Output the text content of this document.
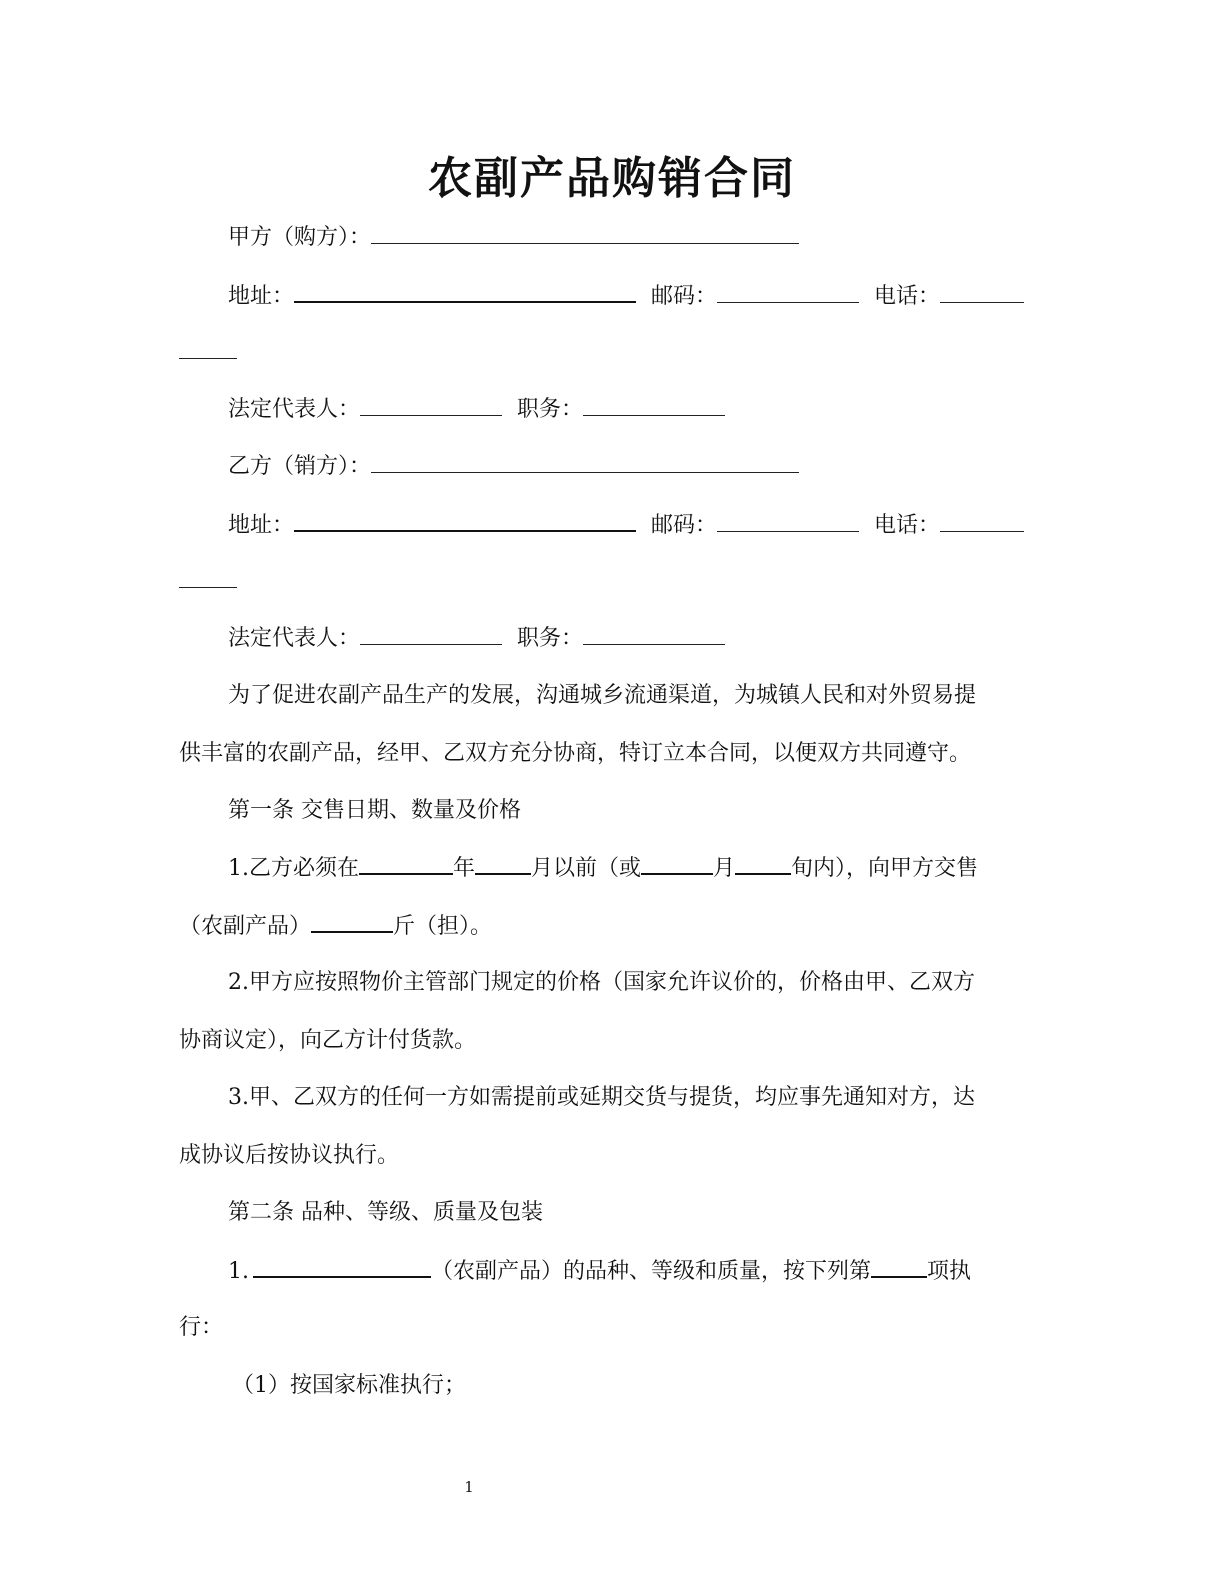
农副产品购销合同
甲方（购方）：
地址：	邮码：	电话：
法定代表人：	职务：
乙方（销方）：
地址：	邮码：	电话：
法定代表人：	职务：
为了促进农副产品生产的发展，沟通城乡流通渠道，为城镇人民和对外贸易提
供丰富的农副产品，经甲、乙双方充分协商，特订立本合同，以便双方共同遵守。
第一条 交售日期、数量及价格
1.乙方必须在	年	月以前（或	月	旬内），向甲方交售
（农副产品）	斤（担）。
2.甲方应按照物价主管部门规定的价格（国家允许议价的，价格由甲、乙双方
协商议定），向乙方计付货款。
3.甲、乙双方的任何一方如需提前或延期交货与提货，均应事先通知对方，达
成协议后按协议执行。
第二条 品种、等级、质量及包装
1.	（农副产品）的品种、等级和质量，按下列第	项执
行：
（1）按国家标准执行；
1
